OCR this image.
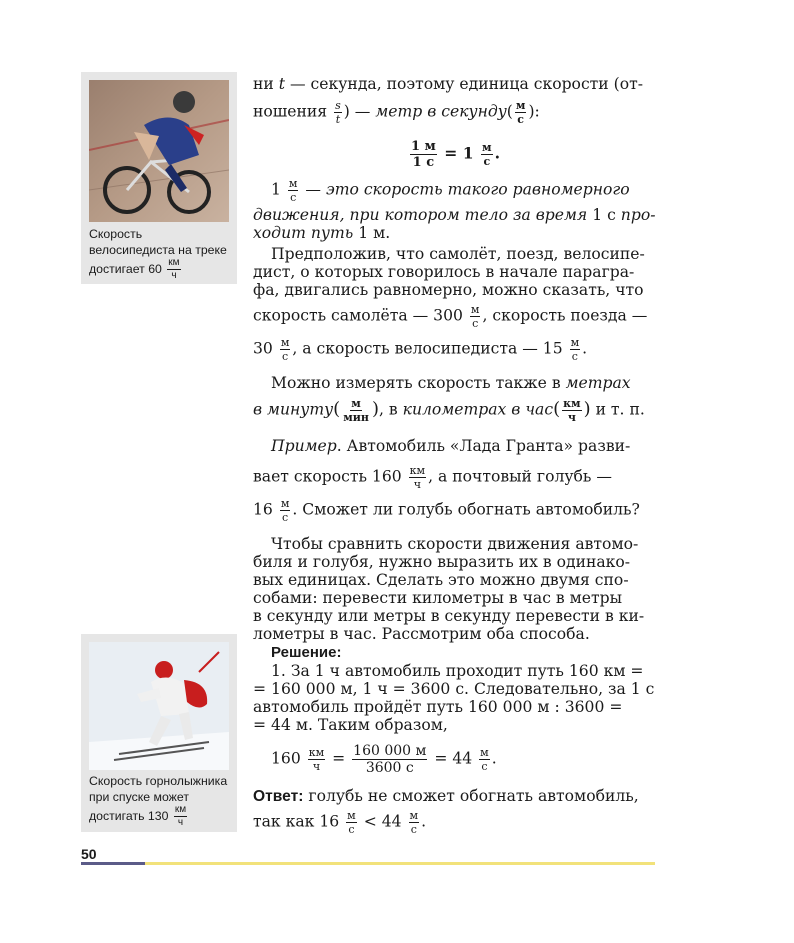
Скорость велосипедиста на треке достигает $60 \frac{км}{ч}$
Скорость горнолыжника при спуске может достигать $130 \frac{км}{ч}$
ни t — секунда, поэтому единица скорости (от-
ношения $\frac{s}{t}$ ) — метр в секунду( $\frac{м}{с}$ ):
$\frac{1 м}{1 с} = 1 \frac{м}{с}$ .
$1 \frac{м}{с}$ — это скорость такого равномерного
движения, при котором тело за время 1 с про-
ходит путь 1 м.
Предположив, что самолёт, поезд, велосипе-
дист, о которых говорилось в начале парагра-
фа, двигались равномерно, можно сказать, что
скорость самолёта — $300 \frac{м}{с}$ , скорость поезда —
$30 \frac{м}{с}$ , а скорость велосипедиста — $15 \frac{м}{с}$ .
Можно измерять скорость также в метрах
в минуту( $\frac{м}{\text{мин}}$ ), в километрах в $час( \frac{км}{ч}$ ) и т. п.
Пример. Автомобиль «Лада Гранта» разви-
вает скорость $160 \frac{км}{ч}$ , а почтовый голубь —
$16 \frac{м}{с}$ . Сможет ли голубь обогнать автомобиль?
Чтобы сравнить скорости движения автомо-
биля и голубя, нужно выразить их в одинако-
вых единицах. Сделать это можно двумя спо-
собами: перевести километры в час в метры
в секунду или метры в секунду перевести в ки-
лометры в час. Рассмотрим оба способа.
Решение:
1. За 1 ч автомобиль проходит путь 160 км =
= 160 000 м, 1 ч = 3600 с. Следовательно, за 1 с
автомобиль пройдёт путь 160 000 м : 3600 =
= 44 м. Таким образом,
$160 \frac{км}{ч} = \frac{160 000 м}{3600 с} = 44 \frac{м}{с}$ .
Ответ: голубь не сможет обогнать автомобиль,
так как $16 \frac{м}{с} < 44 \frac{м}{с}$ .
50
